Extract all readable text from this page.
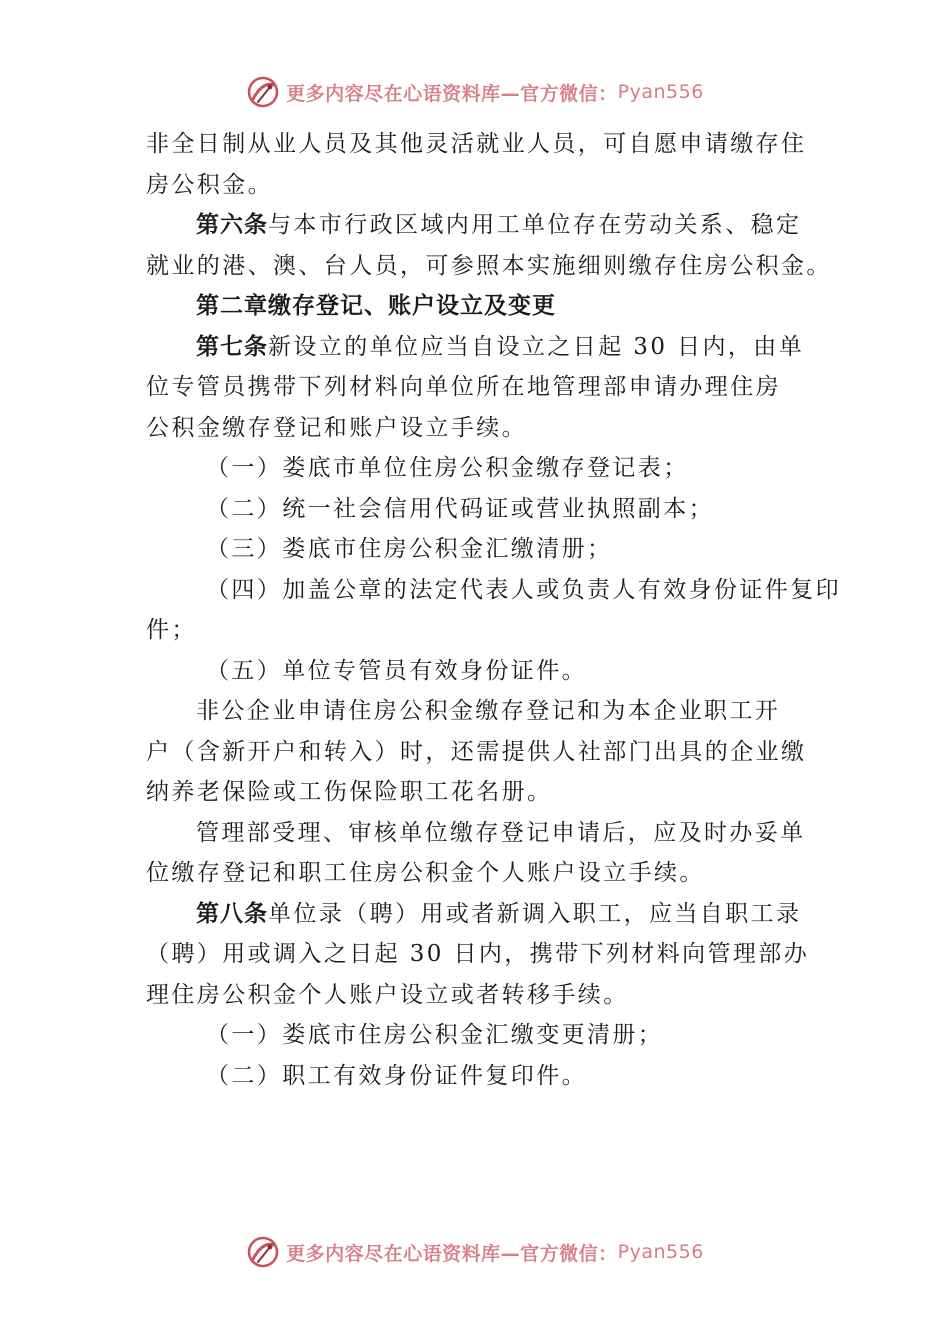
更多内容尽在心语资料库—官方微信： Pyan556
非全日制从业人员及其他灵活就业人员，可自愿申请缴存住
房公积金。
第六条与本市行政区域内用工单位存在劳动关系、稳定
就业的港、澳、台人员，可参照本实施细则缴存住房公积金。
第二章缴存登记、账户设立及变更
第七条新设立的单位应当自设立之日起 30 日内，由单
位专管员携带下列材料向单位所在地管理部申请办理住房
公积金缴存登记和账户设立手续。
（一）娄底市单位住房公积金缴存登记表；
（二）统一社会信用代码证或营业执照副本；
（三）娄底市住房公积金汇缴清册；
（四）加盖公章的法定代表人或负责人有效身份证件复印
件；
（五）单位专管员有效身份证件。
非公企业申请住房公积金缴存登记和为本企业职工开
户（含新开户和转入）时，还需提供人社部门出具的企业缴
纳养老保险或工伤保险职工花名册。
管理部受理、审核单位缴存登记申请后，应及时办妥单
位缴存登记和职工住房公积金个人账户设立手续。
第八条单位录（聘）用或者新调入职工，应当自职工录
（聘）用或调入之日起 30 日内，携带下列材料向管理部办
理住房公积金个人账户设立或者转移手续。
（一）娄底市住房公积金汇缴变更清册；
（二）职工有效身份证件复印件。
更多内容尽在心语资料库—官方微信： Pyan556
